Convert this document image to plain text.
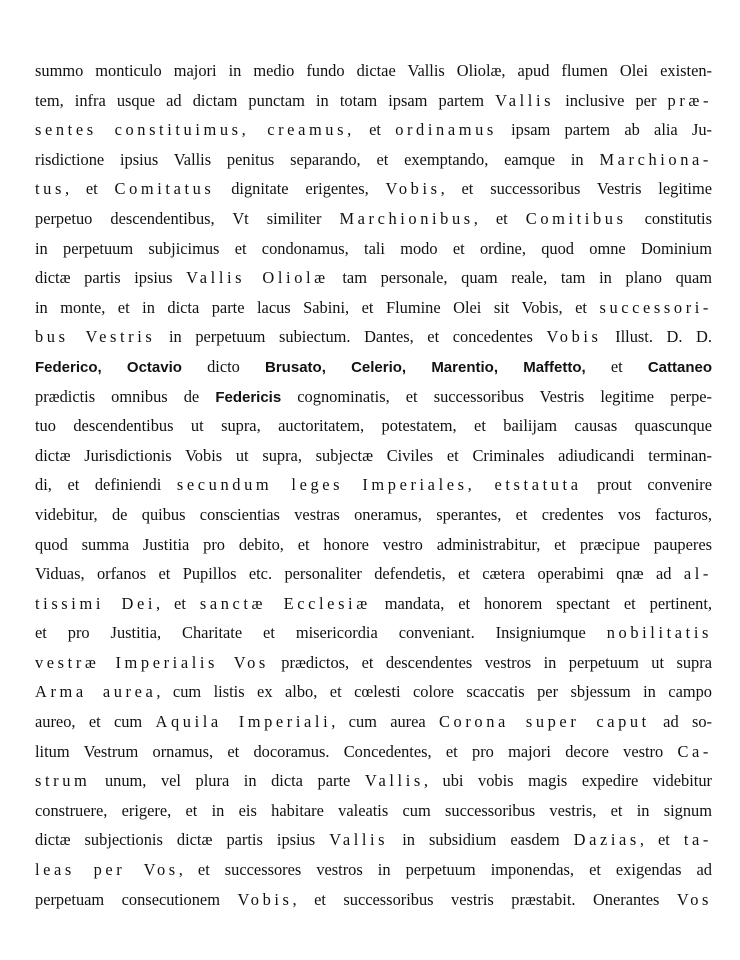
summo monticulo majori in medio fundo dictae Vallis Oliolæ, apud flumen Olei existen-
tem, infra usque ad dictam punctam in totam ipsam partem Vallis inclusive per præ-
sentes constituimus, creamus, et ordinamus ipsam partem ab alia Ju-
risdictione ipsius Vallis penitus separando, et exemptando, eamque in Marchiona-
tus, et Comitatus dignitate erigentes, Vobis, et successoribus Vestris legitime
perpetuo descendentibus, Vt similiter Marchionibus, et Comitibus constitutis
in perpetuum subjicimus et condonamus, tali modo et ordine, quod omne Dominium
dictæ partis ipsius Vallis Oliolæ tam personale, quam reale, tam in plano quam
in monte, et in dicta parte lacus Sabini, et Flumine Olei sit Vobis, et successori-
bus Vestris in perpetuum subiectum. Dantes, et concedentes Vobis Illust. D. D.
Federico, Octavio dicto Brusato, Celerio, Marentio, Maffetto, et Cattaneo
prædictis omnibus de Federicis cognominatis, et successoribus Vestris legitime perpe-
tuo descendentibus ut supra, auctoritatem, potestatem, et bailijam causas quascunque
dictæ Jurisdictionis Vobis ut supra, subjectæ Civiles et Criminales adiudicandi terminan-
di, et definiendi secundum leges Imperiales, etstatuta prout convenire
videbitur, de quibus conscientias vestras oneramus, sperantes, et credentes vos facturos,
quod summa Justitia pro debito, et honore vestro administrabitur, et præcipue pauperes
Viduas, orfanos et Pupillos etc. personaliter defendetis, et cætera operabimi qnæ ad al-
tissimi Dei, et sanctæ Ecclesiæ mandata, et honorem spectant et pertinent,
et pro Justitia, Charitate et misericordia conveniant. Insigniumque nobilitatis
vestræ Imperialis Vos prædictos, et descendentes vestros in perpetuum ut supra
Arma aurea, cum listis ex albo, et cœlesti colore scaccatis per sbjessum in campo
aureo, et cum Aquila Imperiali, cum aurea Corona super caput ad so-
litum Vestrum ornamus, et docoramus. Concedentes, et pro majori decore vestro Ca-
strum unum, vel plura in dicta parte Vallis, ubi vobis magis expedire videbitur
construere, erigere, et in eis habitare valeatis cum successoribus vestris, et in signum
dictæ subjectionis dictæ partis ipsius Vallis in subsidium easdem Dazias, et ta-
leas per Vos, et successores vestros in perpetuum imponendas, et exigendas ad
perpetuam consecutionem Vobis, et successoribus vestris præstabit. Onerantes Vos
